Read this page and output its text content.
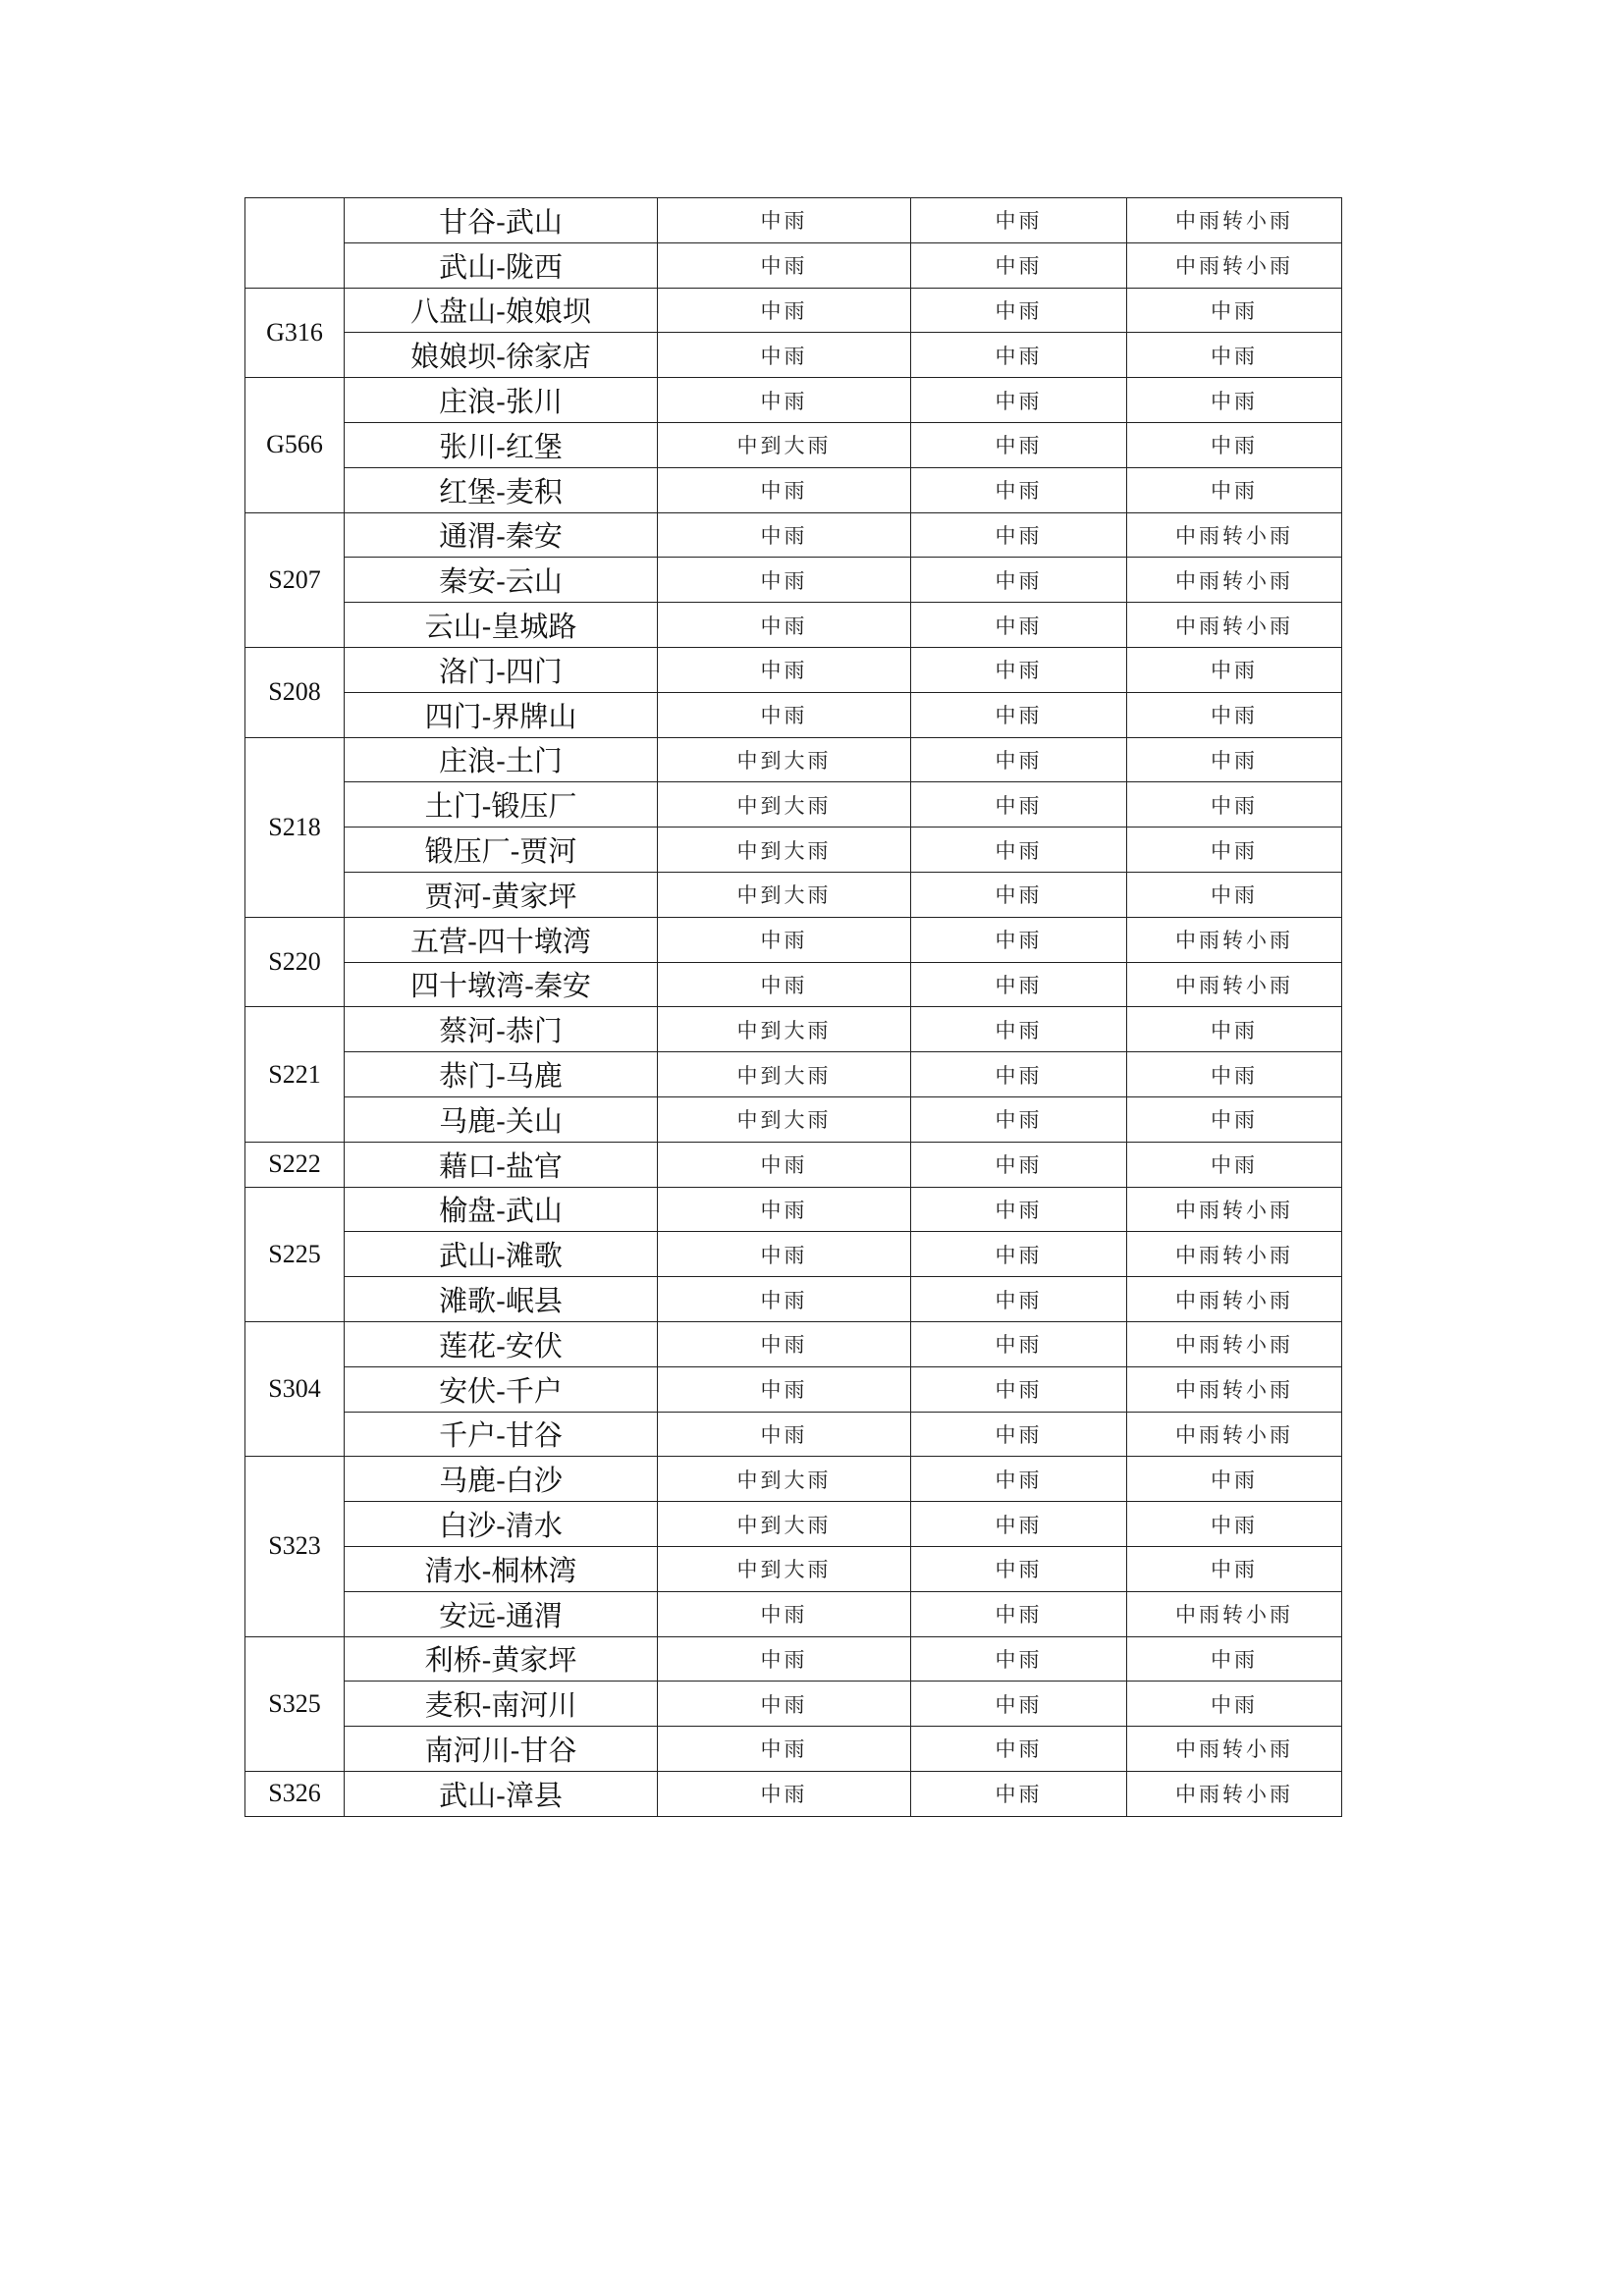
	甘谷-武山	中雨	中雨	中雨转小雨
	武山-陇西	中雨	中雨	中雨转小雨
G316	八盘山-娘娘坝	中雨	中雨	中雨
	娘娘坝-徐家店	中雨	中雨	中雨
G566	庄浪-张川	中雨	中雨	中雨
	张川-红堡	中到大雨	中雨	中雨
	红堡-麦积	中雨	中雨	中雨
S207	通渭-秦安	中雨	中雨	中雨转小雨
	秦安-云山	中雨	中雨	中雨转小雨
	云山-皇城路	中雨	中雨	中雨转小雨
S208	洛门-四门	中雨	中雨	中雨
	四门-界牌山	中雨	中雨	中雨
S218	庄浪-土门	中到大雨	中雨	中雨
	土门-锻压厂	中到大雨	中雨	中雨
	锻压厂-贾河	中到大雨	中雨	中雨
	贾河-黄家坪	中到大雨	中雨	中雨
S220	五营-四十墩湾	中雨	中雨	中雨转小雨
	四十墩湾-秦安	中雨	中雨	中雨转小雨
S221	蔡河-恭门	中到大雨	中雨	中雨
	恭门-马鹿	中到大雨	中雨	中雨
	马鹿-关山	中到大雨	中雨	中雨
S222	藉口-盐官	中雨	中雨	中雨
S225	榆盘-武山	中雨	中雨	中雨转小雨
	武山-滩歌	中雨	中雨	中雨转小雨
	滩歌-岷县	中雨	中雨	中雨转小雨
S304	莲花-安伏	中雨	中雨	中雨转小雨
	安伏-千户	中雨	中雨	中雨转小雨
	千户-甘谷	中雨	中雨	中雨转小雨
S323	马鹿-白沙	中到大雨	中雨	中雨
	白沙-清水	中到大雨	中雨	中雨
	清水-桐林湾	中到大雨	中雨	中雨
	安远-通渭	中雨	中雨	中雨转小雨
S325	利桥-黄家坪	中雨	中雨	中雨
	麦积-南河川	中雨	中雨	中雨
	南河川-甘谷	中雨	中雨	中雨转小雨
S326	武山-漳县	中雨	中雨	中雨转小雨
